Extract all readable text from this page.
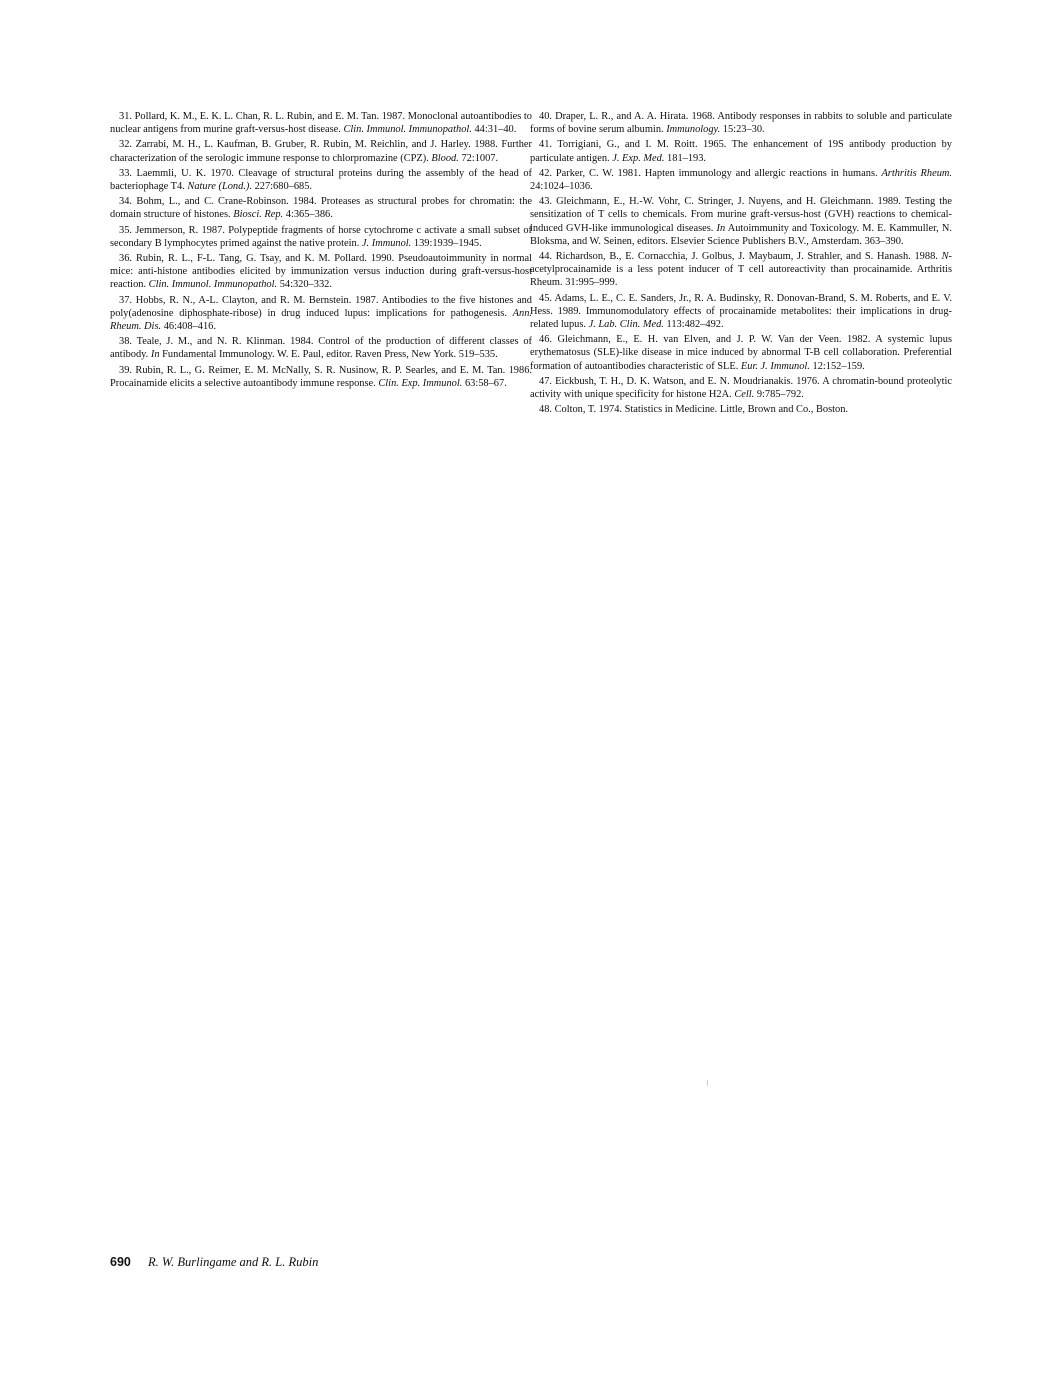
31. Pollard, K. M., E. K. L. Chan, R. L. Rubin, and E. M. Tan. 1987. Monoclonal autoantibodies to nuclear antigens from murine graft-versus-host disease. Clin. Immunol. Immunopathol. 44:31–40.

32. Zarrabi, M. H., L. Kaufman, B. Gruber, R. Rubin, M. Reichlin, and J. Harley. 1988. Further characterization of the serologic immune response to chlorpromazine (CPZ). Blood. 72:1007.

33. Laemmli, U. K. 1970. Cleavage of structural proteins during the assembly of the head of bacteriophage T4. Nature (Lond.). 227:680–685.

34. Bohm, L., and C. Crane-Robinson. 1984. Proteases as structural probes for chromatin: the domain structure of histones. Biosci. Rep. 4:365–386.

35. Jemmerson, R. 1987. Polypeptide fragments of horse cytochrome c activate a small subset of secondary B lymphocytes primed against the native protein. J. Immunol. 139:1939–1945.

36. Rubin, R. L., F-L. Tang, G. Tsay, and K. M. Pollard. 1990. Pseudoautoimmunity in normal mice: anti-histone antibodies elicited by immunization versus induction during graft-versus-host reaction. Clin. Immunol. Immunopathol. 54:320–332.

37. Hobbs, R. N., A-L. Clayton, and R. M. Bernstein. 1987. Antibodies to the five histones and poly(adenosine diphosphate-ribose) in drug induced lupus: implications for pathogenesis. Ann. Rheum. Dis. 46:408–416.

38. Teale, J. M., and N. R. Klinman. 1984. Control of the production of different classes of antibody. In Fundamental Immunology. W. E. Paul, editor. Raven Press, New York. 519–535.

39. Rubin, R. L., G. Reimer, E. M. McNally, S. R. Nusinow, R. P. Searles, and E. M. Tan. 1986. Procainamide elicits a selective autoantibody immune response. Clin. Exp. Immunol. 63:58–67.

40. Draper, L. R., and A. A. Hirata. 1968. Antibody responses in rabbits to soluble and particulate forms of bovine serum albumin. Immunology. 15:23–30.

41. Torrigiani, G., and I. M. Roitt. 1965. The enhancement of 19S antibody production by particulate antigen. J. Exp. Med. 181–193.

42. Parker, C. W. 1981. Hapten immunology and allergic reactions in humans. Arthritis Rheum. 24:1024–1036.

43. Gleichmann, E., H.-W. Vohr, C. Stringer, J. Nuyens, and H. Gleichmann. 1989. Testing the sensitization of T cells to chemicals. From murine graft-versus-host (GVH) reactions to chemical-induced GVH-like immunological diseases. In Autoimmunity and Toxicology. M. E. Kammuller, N. Bloksma, and W. Seinen, editors. Elsevier Science Publishers B.V., Amsterdam. 363–390.

44. Richardson, B., E. Cornacchia, J. Golbus, J. Maybaum, J. Strahler, and S. Hanash. 1988. N-acetylprocainamide is a less potent inducer of T cell autoreactivity than procainamide. Arthritis Rheum. 31:995–999.

45. Adams, L. E., C. E. Sanders, Jr., R. A. Budinsky, R. Donovan-Brand, S. M. Roberts, and E. V. Hess. 1989. Immunomodulatory effects of procainamide metabolites: their implications in drug-related lupus. J. Lab. Clin. Med. 113:482–492.

46. Gleichmann, E., E. H. van Elven, and J. P. W. Van der Veen. 1982. A systemic lupus erythematosus (SLE)-like disease in mice induced by abnormal T-B cell collaboration. Preferential formation of autoantibodies characteristic of SLE. Eur. J. Immunol. 12:152–159.

47. Eickbush, T. H., D. K. Watson, and E. N. Moudrianakis. 1976. A chromatin-bound proteolytic activity with unique specificity for histone H2A. Cell. 9:785–792.

48. Colton, T. 1974. Statistics in Medicine. Little, Brown and Co., Boston.

690 R. W. Burlingame and R. L. Rubin
